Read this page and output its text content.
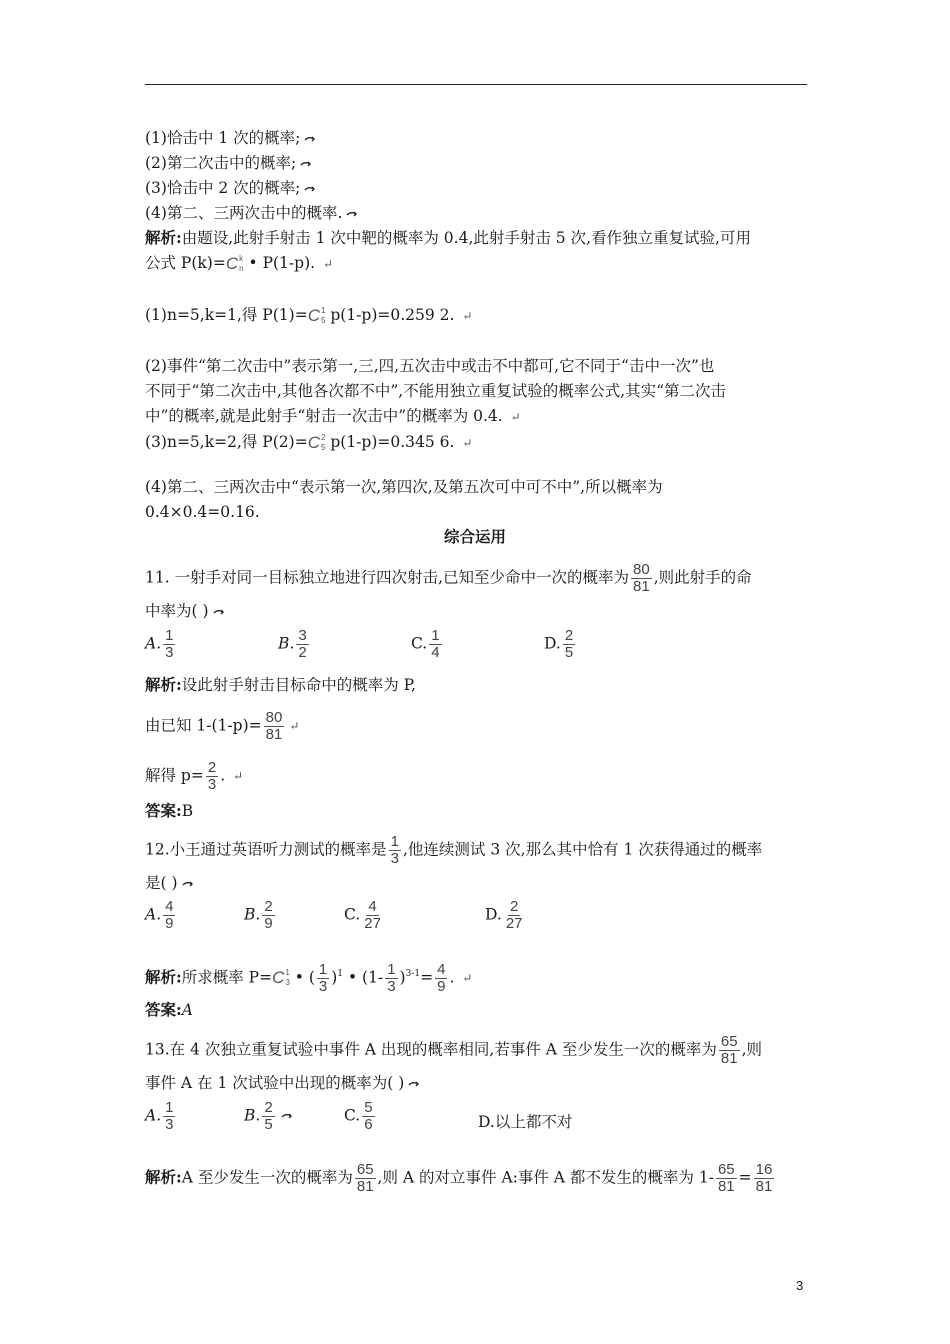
(1)恰击中 1 次的概率;
(2)第二次击中的概率;
(3)恰击中 2 次的概率;
(4)第二、三两次击中的概率.
解析:由题设,此射手射击 1 次中靶的概率为 0.4,此射手射击 5 次,看作独立重复试验,可用
公式 P(k)= C k
n • P(1-p). ↵
(1)n=5,k=1,得 P(1)= C 1
5 p(1-p)=0.259 2. ↵
(2)事件“第二次击中”表示第一,三,四,五次击中或击不中都可,它不同于“击中一次”也
不同于“第二次击中,其他各次都不中”,不能用独立重复试验的概率公式,其实“第二次击
中”的概率,就是此射手“射击一次击中”的概率为 0.4. ↵
(3)n=5,k=2,得 P(2)= C 2
5 p(1-p)=0.345 6. ↵
(4)第二、三两次击中“表示第一次,第四次,及第五次可中可不中”,所以概率为
0.4×0.4=0.16.
综合运用
11. 一射手对同一目标独立地进行四次射击,已知至少命中一次的概率为 $\frac{80}{81}$ ,则此射手的命
中率为( )
A. $\frac{1}{3}$	B. $\frac{3}{2}$	C. $\frac{1}{4}$	D. $\frac{2}{5}$
解析:设此射手射击目标命中的概率为 P,
由已知 $1-(1-p)= \frac{80}{81}$ ↵
解得 $p= \frac{2}{3}$ . ↵
答案:B
12.小王通过英语听力测试的概率是 $\frac{1}{3}$ ,他连续测试 3 次,那么其中恰有 1 次获得通过的概率
是( )
A. $\frac{4}{9}$	B. $\frac{2}{9}$	C. $\frac{4}{27}$	D. $\frac{2}{27}$
解析:所求概率 P= C 1
3 • ( $\frac{1}{3} )^1$ • $(1- \frac{1}{3} )^{3-1}= \frac{4}{9}$ . ↵
答案:A
13.在 4 次独立重复试验中事件 A 出现的概率相同,若事件 A 至少发生一次的概率为 $\frac{65}{81}$ ,则
事件 A 在 1 次试验中出现的概率为( )
A. $\frac{1}{3}$	B. $\frac{2}{5}$	C. $\frac{5}{6}$	D.以上都不对
解析:A 至少发生一次的概率为 $\frac{65}{81}$ ,则 A 的对立事件 A:事件 A 都不发生的概率为 $1- \frac{65}{81} = \frac{16}{81}$
3
